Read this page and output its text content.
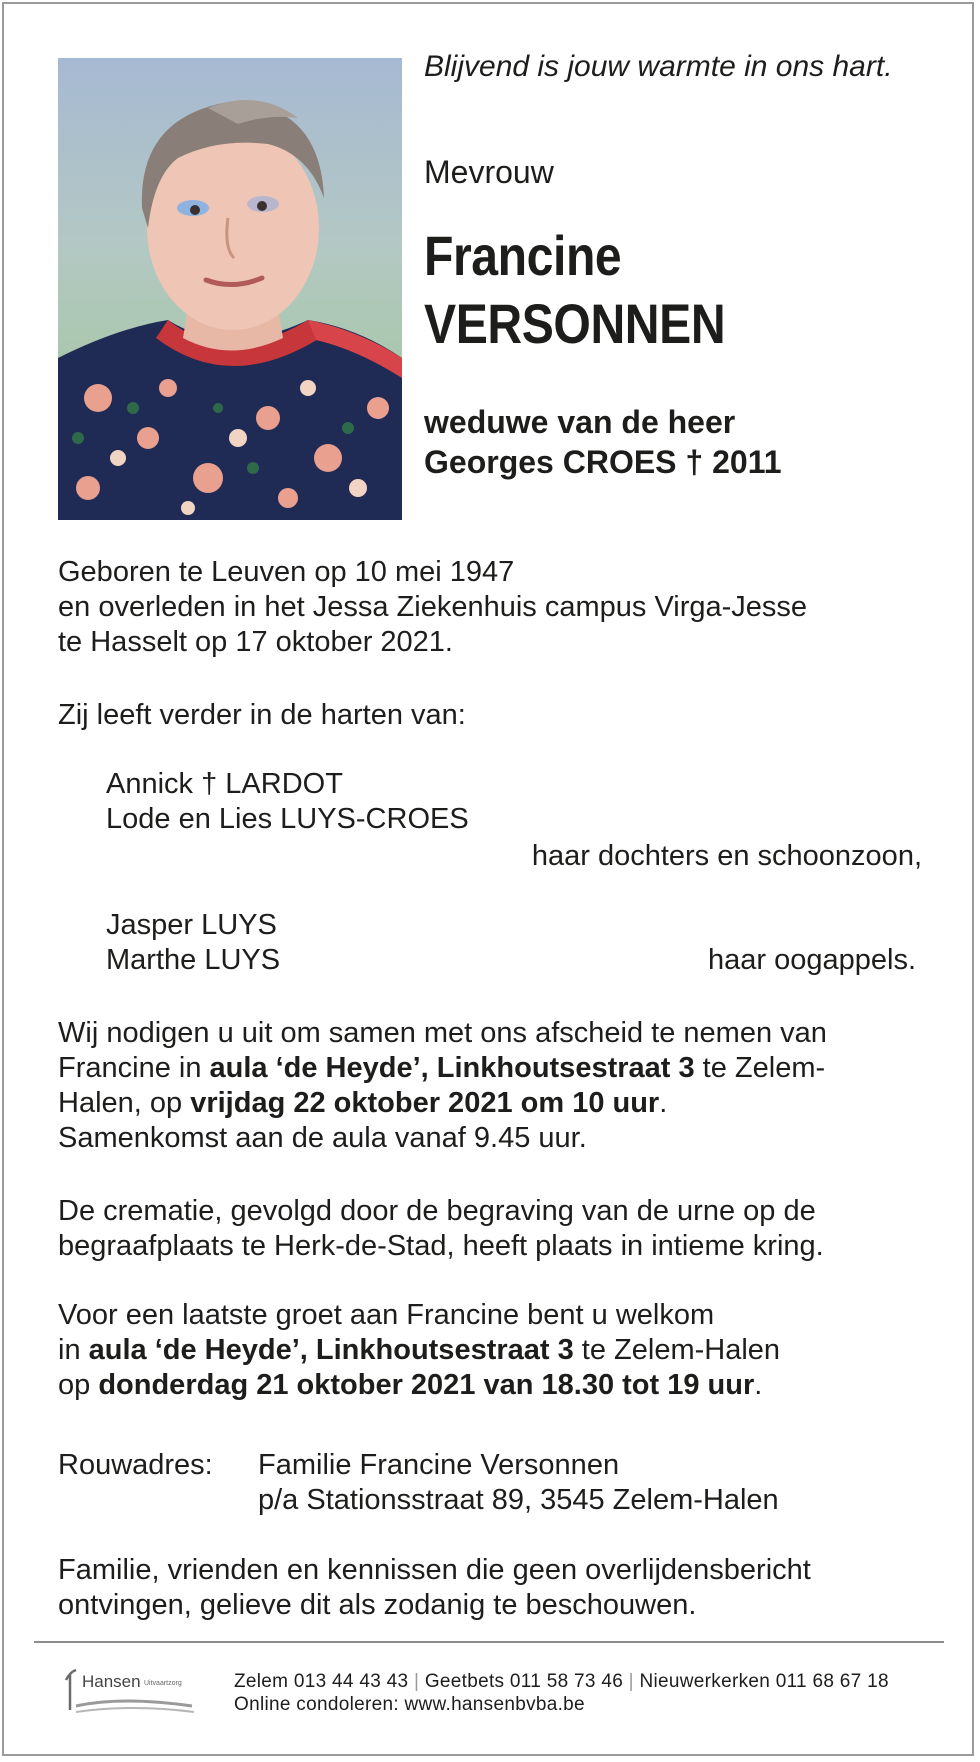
Blijvend is jouw warmte in ons hart.
Mevrouw
Francine
VERSONNEN
weduwe van de heer
Georges CROES † 2011
Geboren te Leuven op 10 mei 1947
en overleden in het Jessa Ziekenhuis campus Virga-Jesse
te Hasselt op 17 oktober 2021.
Zij leeft verder in de harten van:
Annick † LARDOT
Lode en Lies LUYS-CROES
haar dochters en schoonzoon,
Jasper LUYS
Marthe LUYS	haar oogappels.
Wij nodigen u uit om samen met ons afscheid te nemen van
Francine in aula ‘de Heyde’, Linkhoutsestraat 3 te Zelem-
Halen, op vrijdag 22 oktober 2021 om 10 uur.
Samenkomst aan de aula vanaf 9.45 uur.
De crematie, gevolgd door de begraving van de urne op de
begraafplaats te Herk-de-Stad, heeft plaats in intieme kring.
Voor een laatste groet aan Francine bent u welkom
in aula ‘de Heyde’, Linkhoutsestraat 3 te Zelem-Halen
op donderdag 21 oktober 2021 van 18.30 tot 19 uur.
Rouwadres: Familie Francine Versonnen
p/a Stationsstraat 89, 3545 Zelem-Halen
Familie, vrienden en kennissen die geen overlijdensbericht
ontvingen, gelieve dit als zodanig te beschouwen.
Hansen Uitvaartzorg	Zelem 013 44 43 43 | Geetbets 011 58 73 46 | Nieuwerkerken 011 68 67 18
Online condoleren: www.hansenbvba.be
